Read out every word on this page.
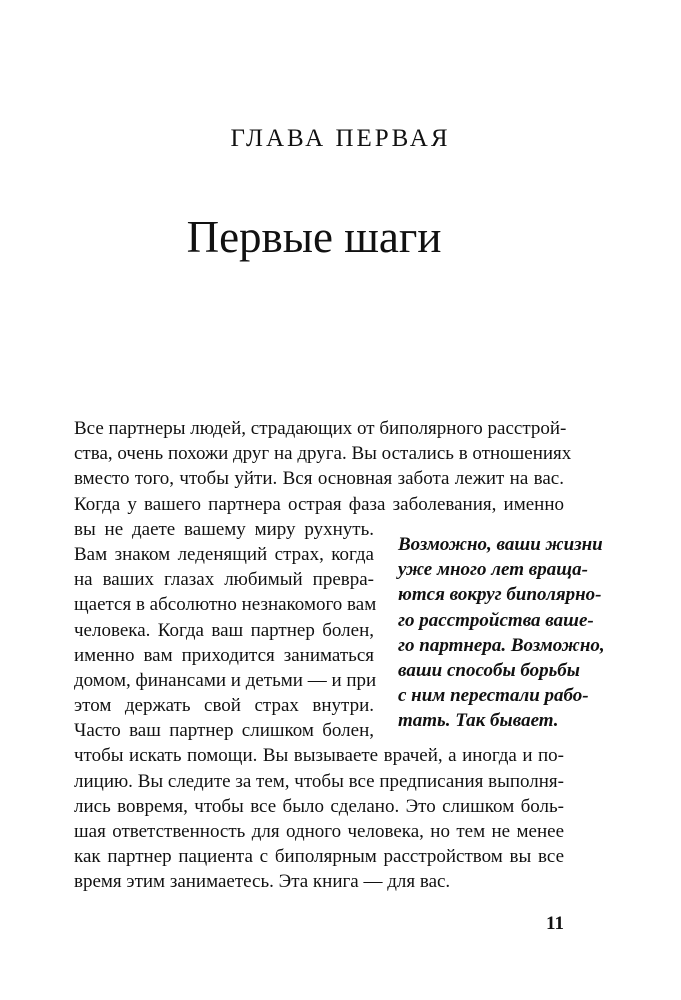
ГЛАВА ПЕРВАЯ
Первые шаги
Все партнеры людей, страдающих от биполярного расстрой-
ства, очень похожи друг на друга. Вы остались в отношениях
вместо того, чтобы уйти. Вся основная забота лежит на вас.
Когда у вашего партнера острая фаза заболевания, именно
вы не даете вашему миру рухнуть.
Вам знаком леденящий страх, когда
на ваших глазах любимый превра-
щается в абсолютно незнакомого вам
человека. Когда ваш партнер болен,
именно вам приходится заниматься
домом, финансами и детьми — и при
этом держать свой страх внутри.
Часто ваш партнер слишком болен,
чтобы искать помощи. Вы вызываете врачей, а иногда и по-
лицию. Вы следите за тем, чтобы все предписания выполня-
лись вовремя, чтобы все было сделано. Это слишком боль-
шая ответственность для одного человека, но тем не менее
как партнер пациента с биполярным расстройством вы все
время этим занимаетесь. Эта книга — для вас.
Возможно, ваши жизни
уже много лет враща-
ются вокруг биполярно-
го расстройства ваше-
го партнера. Возможно,
ваши способы борьбы
с ним перестали рабо-
тать. Так бывает.
11
